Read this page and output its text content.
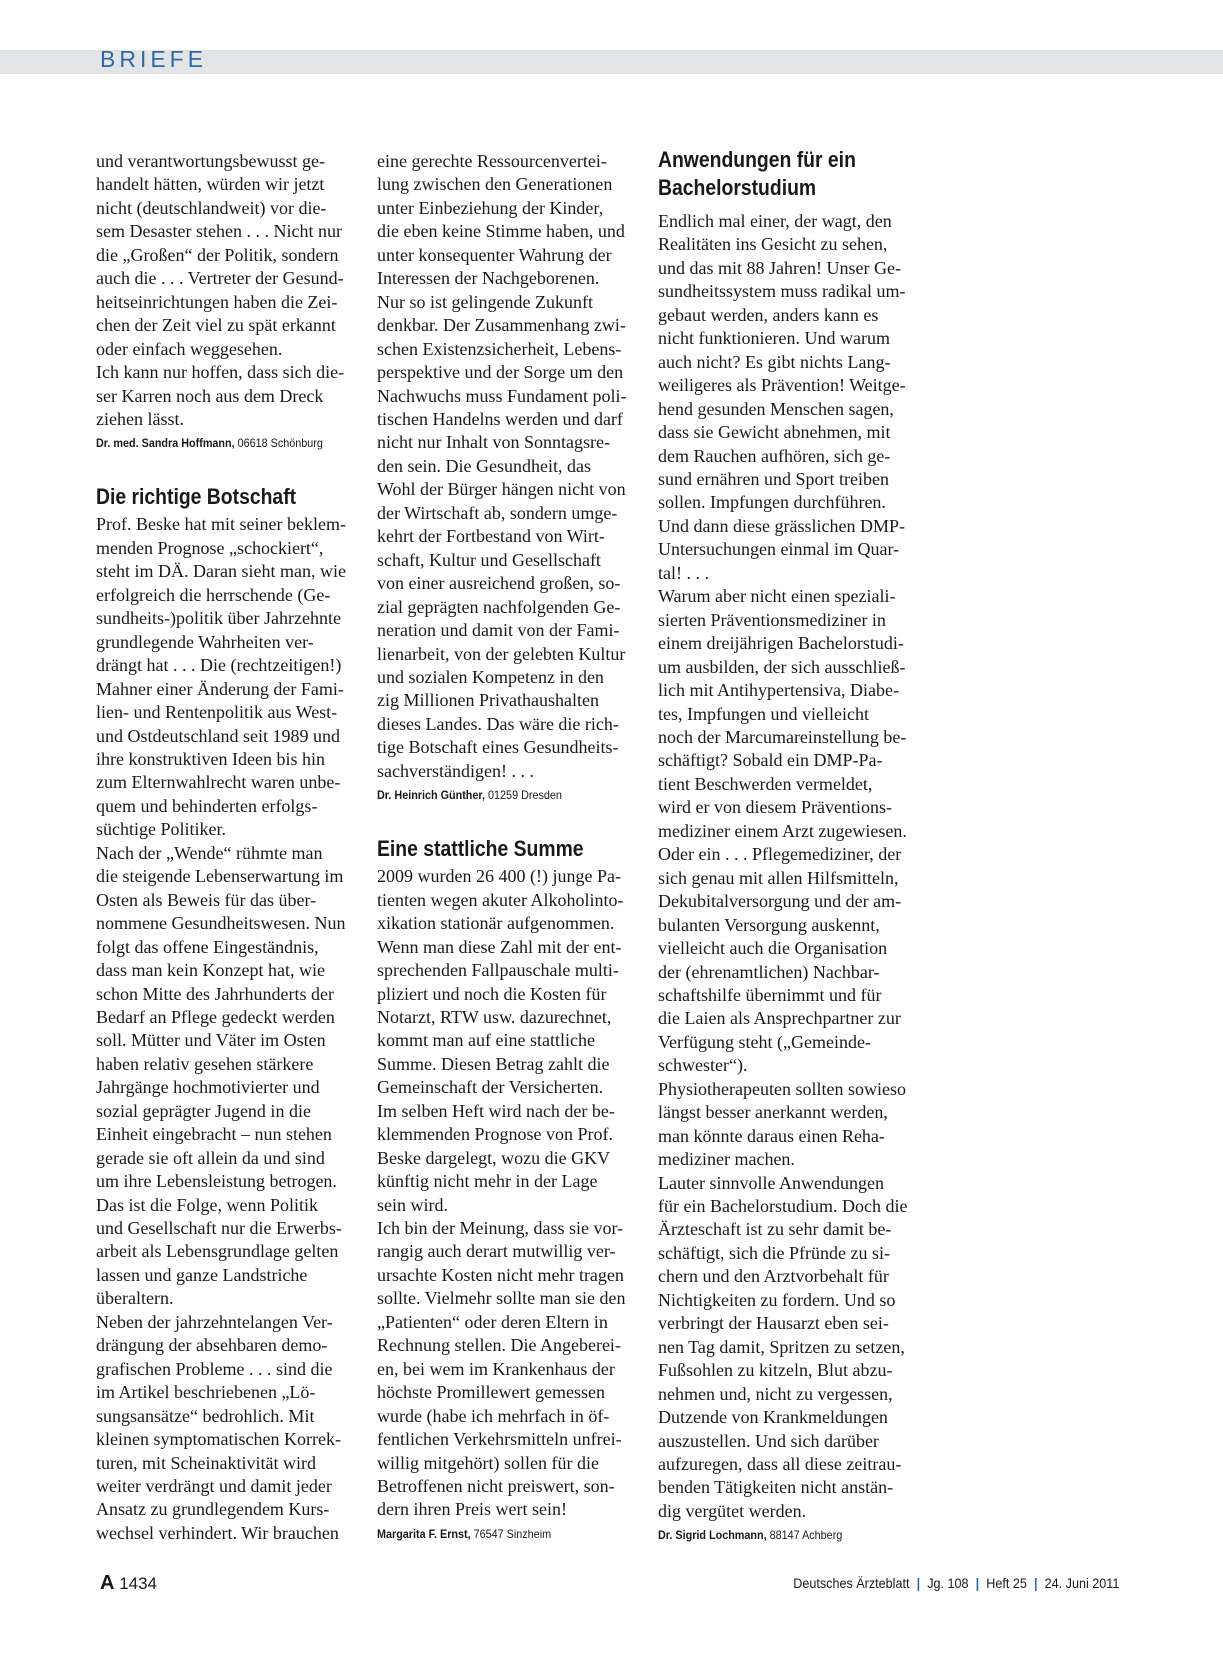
BRIEFE

und verantwortungsbewusst ge-
handelt hätten, würden wir jetzt
nicht (deutschlandweit) vor die-
sem Desaster stehen . . . Nicht nur
die „Großen“ der Politik, sondern
auch die . . . Vertreter der Gesund-
heitseinrichtungen haben die Zei-
chen der Zeit viel zu spät erkannt
oder einfach weggesehen.
Ich kann nur hoffen, dass sich die-
ser Karren noch aus dem Dreck
ziehen lässt.

Dr. med. Sandra Hoffmann, 06618 Schönburg
Die richtige Botschaft

Prof. Beske hat mit seiner beklem-
menden Prognose „schockiert“,
steht im DÄ. Daran sieht man, wie
erfolgreich die herrschende (Ge-
sundheits-)politik über Jahrzehnte
grundlegende Wahrheiten ver-
drängt hat . . . Die (rechtzeitigen!)
Mahner einer Änderung der Fami-
lien- und Rentenpolitik aus West-
und Ostdeutschland seit 1989 und
ihre konstruktiven Ideen bis hin
zum Elternwahlrecht waren unbe-
quem und behinderten erfolgs-
süchtige Politiker.
Nach der „Wende“ rühmte man
die steigende Lebenserwartung im
Osten als Beweis für das über-
nommene Gesundheitswesen. Nun
folgt das offene Eingeständnis,
dass man kein Konzept hat, wie
schon Mitte des Jahrhunderts der
Bedarf an Pflege gedeckt werden
soll. Mütter und Väter im Osten
haben relativ gesehen stärkere
Jahrgänge hochmotivierter und
sozial geprägter Jugend in die
Einheit eingebracht – nun stehen
gerade sie oft allein da und sind
um ihre Lebensleistung betrogen.
Das ist die Folge, wenn Politik
und Gesellschaft nur die Erwerbs-
arbeit als Lebensgrundlage gelten
lassen und ganze Landstriche
überaltern.
Neben der jahrzehntelangen Ver-
drängung der absehbaren demo-
grafischen Probleme . . . sind die
im Artikel beschriebenen „Lö-
sungsansätze“ bedrohlich. Mit
kleinen symptomatischen Korrek-
turen, mit Scheinaktivität wird
weiter verdrängt und damit jeder
Ansatz zu grundlegendem Kurs-
wechsel verhindert. Wir brauchen

eine gerechte Ressourcenvertei-
lung zwischen den Generationen
unter Einbeziehung der Kinder,
die eben keine Stimme haben, und
unter konsequenter Wahrung der
Interessen der Nachgeborenen.
Nur so ist gelingende Zukunft
denkbar. Der Zusammenhang zwi-
schen Existenzsicherheit, Lebens-
perspektive und der Sorge um den
Nachwuchs muss Fundament poli-
tischen Handelns werden und darf
nicht nur Inhalt von Sonntagsre-
den sein. Die Gesundheit, das
Wohl der Bürger hängen nicht von
der Wirtschaft ab, sondern umge-
kehrt der Fortbestand von Wirt-
schaft, Kultur und Gesellschaft
von einer ausreichend großen, so-
zial geprägten nachfolgenden Ge-
neration und damit von der Fami-
lienarbeit, von der gelebten Kultur
und sozialen Kompetenz in den
zig Millionen Privathaushalten
dieses Landes. Das wäre die rich-
tige Botschaft eines Gesundheits-
sachverständigen! . . .

Dr. Heinrich Günther, 01259 Dresden
Eine stattliche Summe

2009 wurden 26 400 (!) junge Pa-
tienten wegen akuter Alkoholinto-
xikation stationär aufgenommen.
Wenn man diese Zahl mit der ent-
sprechenden Fallpauschale multi-
pliziert und noch die Kosten für
Notarzt, RTW usw. dazurechnet,
kommt man auf eine stattliche
Summe. Diesen Betrag zahlt die
Gemeinschaft der Versicherten.
Im selben Heft wird nach der be-
klemmenden Prognose von Prof.
Beske dargelegt, wozu die GKV
künftig nicht mehr in der Lage
sein wird.
Ich bin der Meinung, dass sie vor-
rangig auch derart mutwillig ver-
ursachte Kosten nicht mehr tragen
sollte. Vielmehr sollte man sie den
„Patienten“ oder deren Eltern in
Rechnung stellen. Die Angeberei-
en, bei wem im Krankenhaus der
höchste Promillewert gemessen
wurde (habe ich mehrfach in öf-
fentlichen Verkehrsmitteln unfrei-
willig mitgehört) sollen für die
Betroffenen nicht preiswert, son-
dern ihren Preis wert sein!

Margarita F. Ernst, 76547 Sinzheim
Anwendungen für ein
Bachelorstudium

Endlich mal einer, der wagt, den
Realitäten ins Gesicht zu sehen,
und das mit 88 Jahren! Unser Ge-
sundheitssystem muss radikal um-
gebaut werden, anders kann es
nicht funktionieren. Und warum
auch nicht? Es gibt nichts Lang-
weiligeres als Prävention! Weitge-
hend gesunden Menschen sagen,
dass sie Gewicht abnehmen, mit
dem Rauchen aufhören, sich ge-
sund ernähren und Sport treiben
sollen. Impfungen durchführen.
Und dann diese grässlichen DMP-
Untersuchungen einmal im Quar-
tal! . . .
Warum aber nicht einen speziali-
sierten Präventionsmediziner in
einem dreijährigen Bachelorstudi-
um ausbilden, der sich ausschließ-
lich mit Antihypertensiva, Diabe-
tes, Impfungen und vielleicht
noch der Marcumareinstellung be-
schäftigt? Sobald ein DMP-Pa-
tient Beschwerden vermeldet,
wird er von diesem Präventions-
mediziner einem Arzt zugewiesen.
Oder ein . . . Pflegemediziner, der
sich genau mit allen Hilfsmitteln,
Dekubitalversorgung und der am-
bulanten Versorgung auskennt,
vielleicht auch die Organisation
der (ehrenamtlichen) Nachbar-
schaftshilfe übernimmt und für
die Laien als Ansprechpartner zur
Verfügung steht („Gemeinde-
schwester“).
Physiotherapeuten sollten sowieso
längst besser anerkannt werden,
man könnte daraus einen Reha-
mediziner machen.
Lauter sinnvolle Anwendungen
für ein Bachelorstudium. Doch die
Ärzteschaft ist zu sehr damit be-
schäftigt, sich die Pfründe zu si-
chern und den Arztvorbehalt für
Nichtigkeiten zu fordern. Und so
verbringt der Hausarzt eben sei-
nen Tag damit, Spritzen zu setzen,
Fußsohlen zu kitzeln, Blut abzu-
nehmen und, nicht zu vergessen,
Dutzende von Krankmeldungen
auszustellen. Und sich darüber
aufzuregen, dass all diese zeitrau-
benden Tätigkeiten nicht anstän-
dig vergütet werden.

Dr. Sigrid Lochmann, 88147 Achberg
A 1434	Deutsches Ärzteblatt | Jg. 108 | Heft 25 | 24. Juni 2011
